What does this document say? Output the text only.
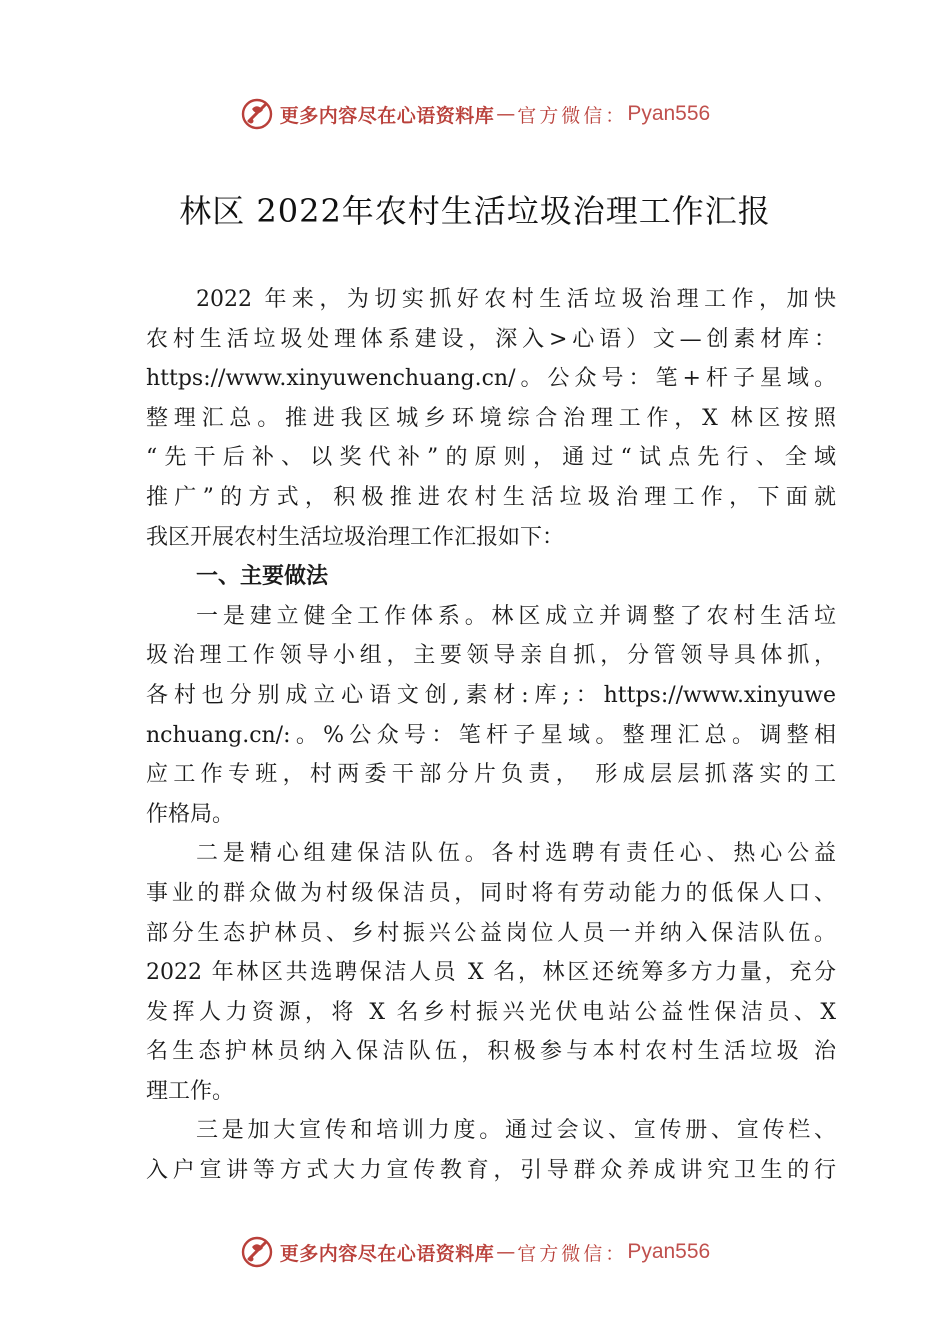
更多内容尽在心语资料库 — 官方微信： Pyan556
林区 2022年农村生活垃圾治理工作汇报
2022 年来，为切实抓好农村生活垃圾治理工作，加快
农村生活垃圾处理体系建设，深入>心语）文—创素材库：
https://www.xinyuwenchuang.cn/。公众号：笔+杆子星域。
整理汇总。推进我区城乡环境综合治理工作，X 林区按照
“先干后补、以奖代补”的原则，通过“试点先行、全域
推广”的方式，积极推进农村生活垃圾治理工作，下面就
我区开展农村生活垃圾治理工作汇报如下：
一、主要做法
一是建立健全工作体系。林区成立并调整了农村生活垃
圾治理工作领导小组，主要领导亲自抓，分管领导具体抓，
各村也分别成立心语文创,素材:库;：https://www.xinyuwe
nchuang.cn/:。%公众号：笔杆子星域。整理汇总。调整相
应工作专班，村两委干部分片负责， 形成层层抓落实的工
作格局。
二是精心组建保洁队伍。各村选聘有责任心、热心公益
事业的群众做为村级保洁员，同时将有劳动能力的低保人口、
部分生态护林员、乡村振兴公益岗位人员一并纳入保洁队伍。
2022 年林区共选聘保洁人员 X 名，林区还统筹多方力量，充分
发挥人力资源，将 X 名乡村振兴光伏电站公益性保洁员、X
名生态护林员纳入保洁队伍，积极参与本村农村生活垃圾 治
理工作。
三是加大宣传和培训力度。通过会议、宣传册、宣传栏、
入户宣讲等方式大力宣传教育，引导群众养成讲究卫生的行
更多内容尽在心语资料库 — 官方微信： Pyan556
